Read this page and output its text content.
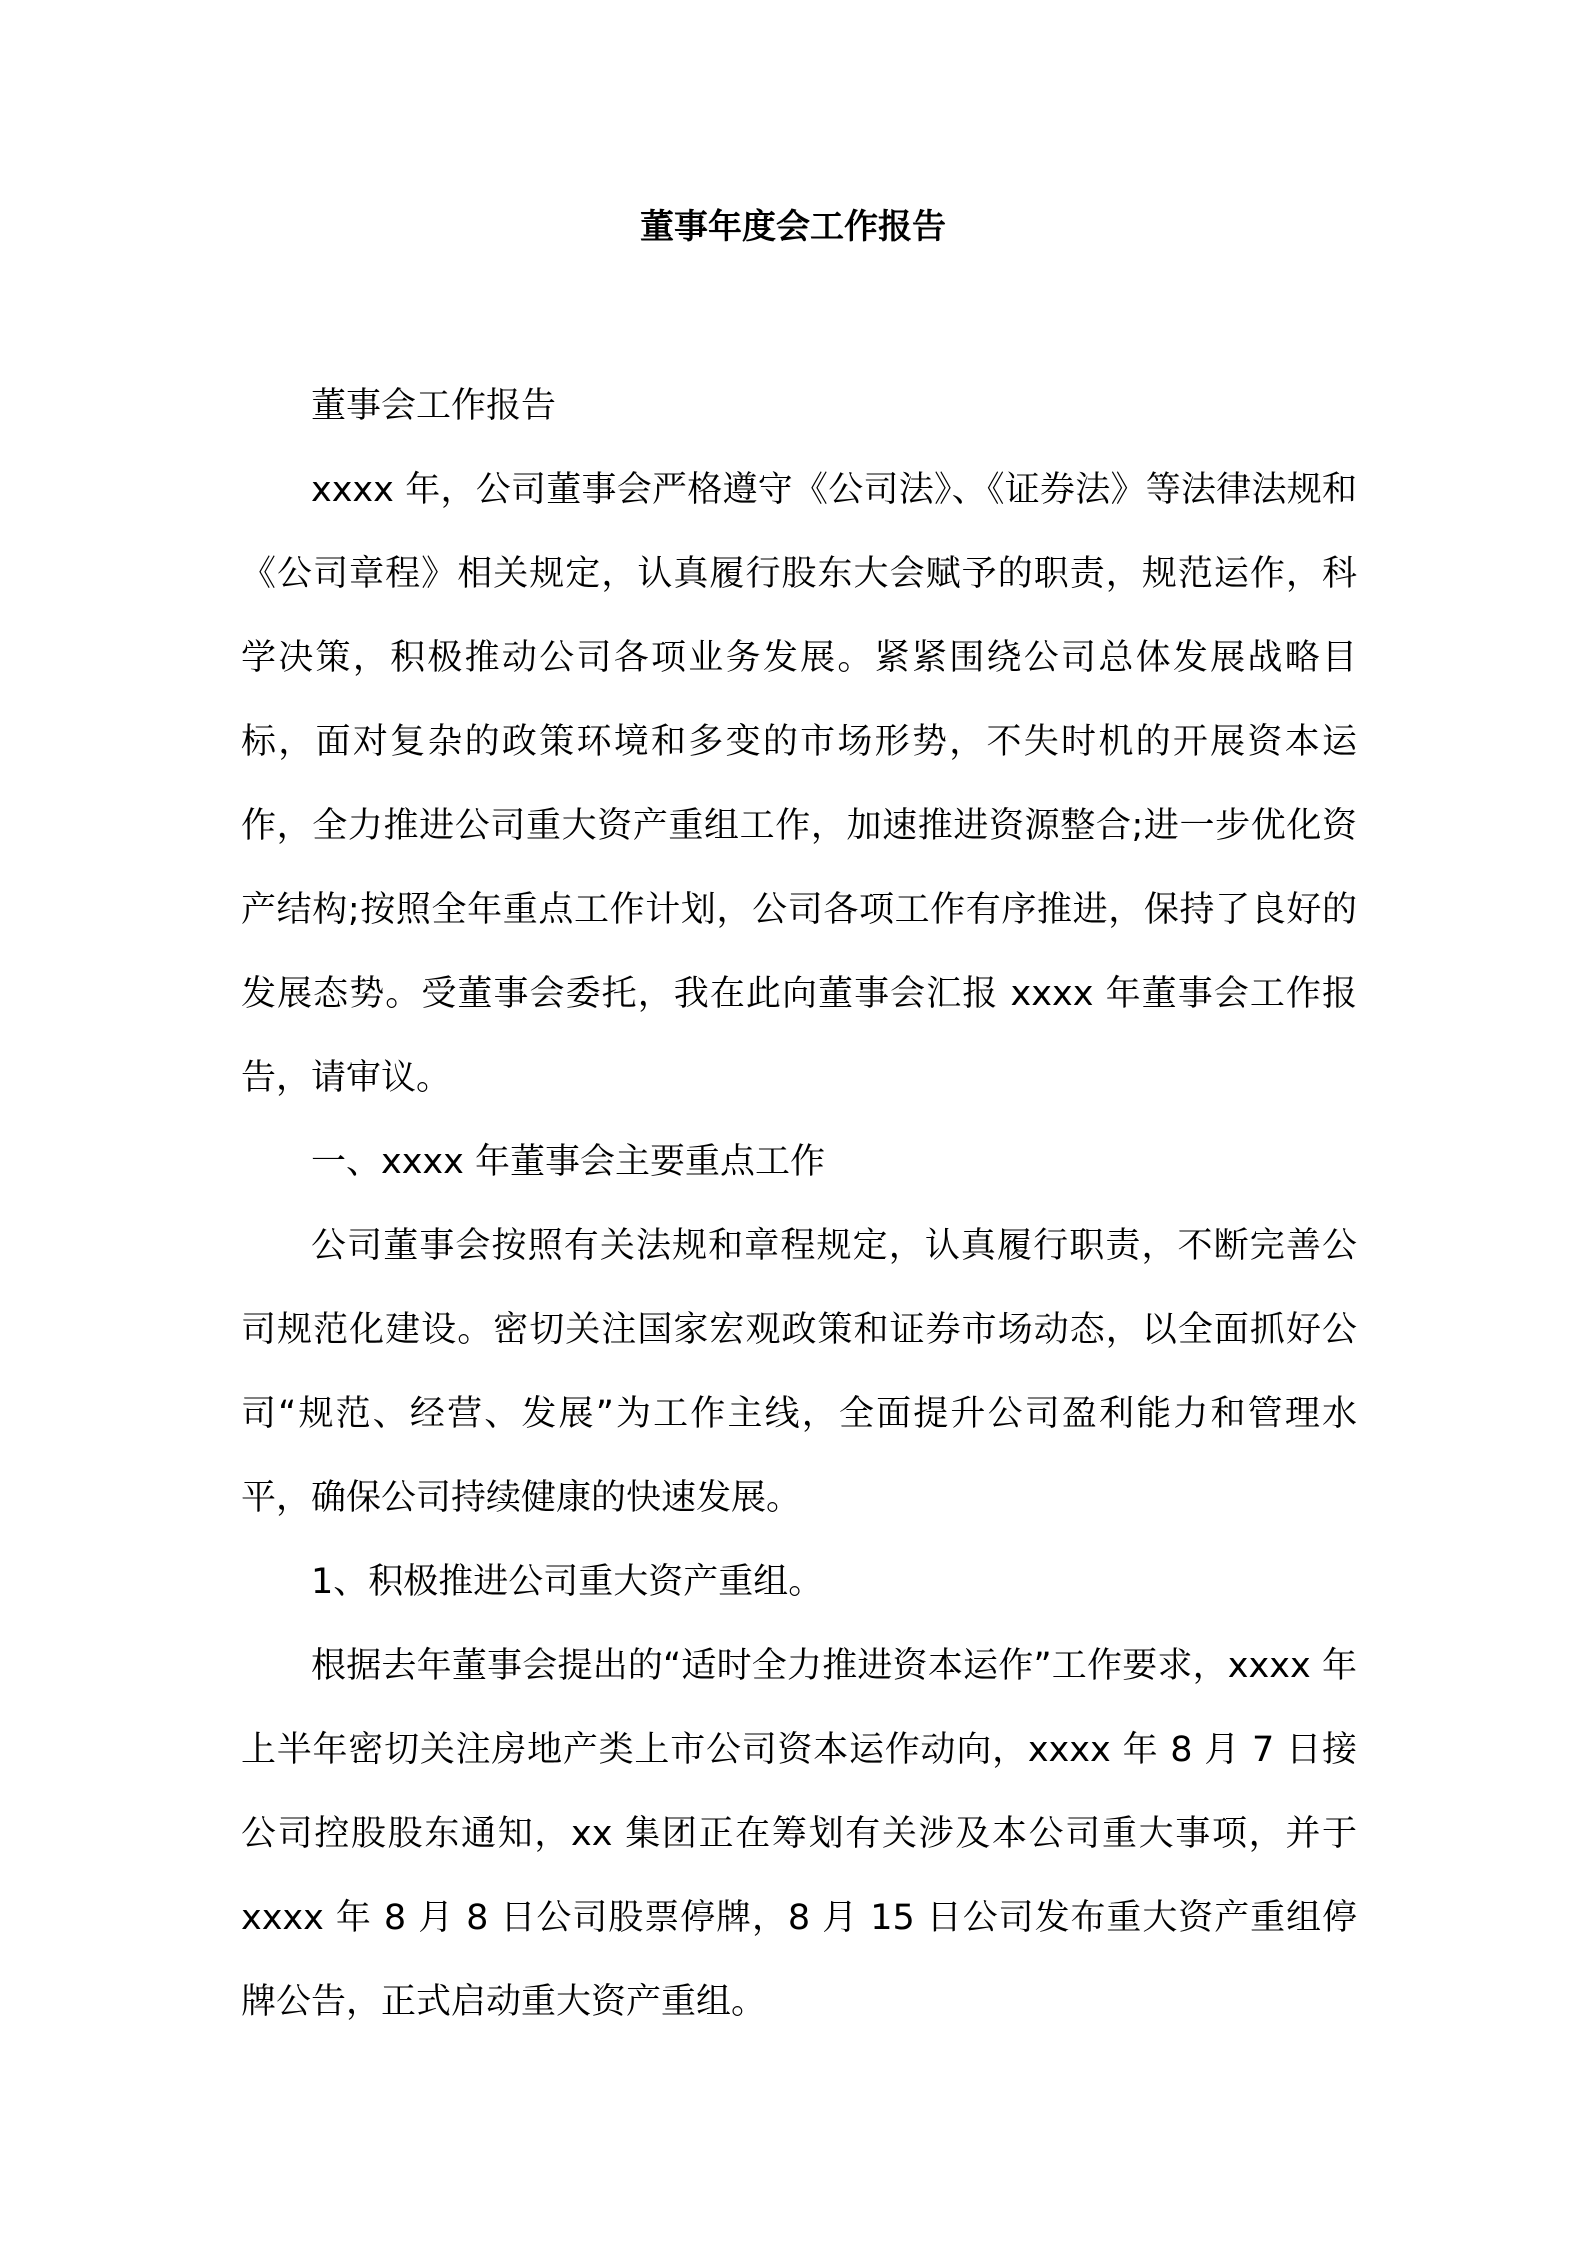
董事年度会工作报告

董事会工作报告

xxxx 年，公司董事会严格遵守《公司法》、《证券法》等法律法规和《公司章程》相关规定，认真履行股东大会赋予的职责，规范运作，科学决策，积极推动公司各项业务发展。紧紧围绕公司总体发展战略目标，面对复杂的政策环境和多变的市场形势，不失时机的开展资本运作，全力推进公司重大资产重组工作，加速推进资源整合;进一步优化资产结构;按照全年重点工作计划，公司各项工作有序推进，保持了良好的发展态势。受董事会委托，我在此向董事会汇报 xxxx 年董事会工作报告，请审议。

一、xxxx 年董事会主要重点工作

公司董事会按照有关法规和章程规定，认真履行职责，不断完善公司规范化建设。密切关注国家宏观政策和证券市场动态，以全面抓好公司“规范、经营、发展”为工作主线，全面提升公司盈利能力和管理水平，确保公司持续健康的快速发展。

1、积极推进公司重大资产重组。

根据去年董事会提出的“适时全力推进资本运作”工作要求，xxxx 年上半年密切关注房地产类上市公司资本运作动向，xxxx 年 8 月 7 日接公司控股股东通知，xx 集团正在筹划有关涉及本公司重大事项，并于 xxxx 年 8 月 8 日公司股票停牌，8 月 15 日公司发布重大资产重组停牌公告，正式启动重大资产重组。
